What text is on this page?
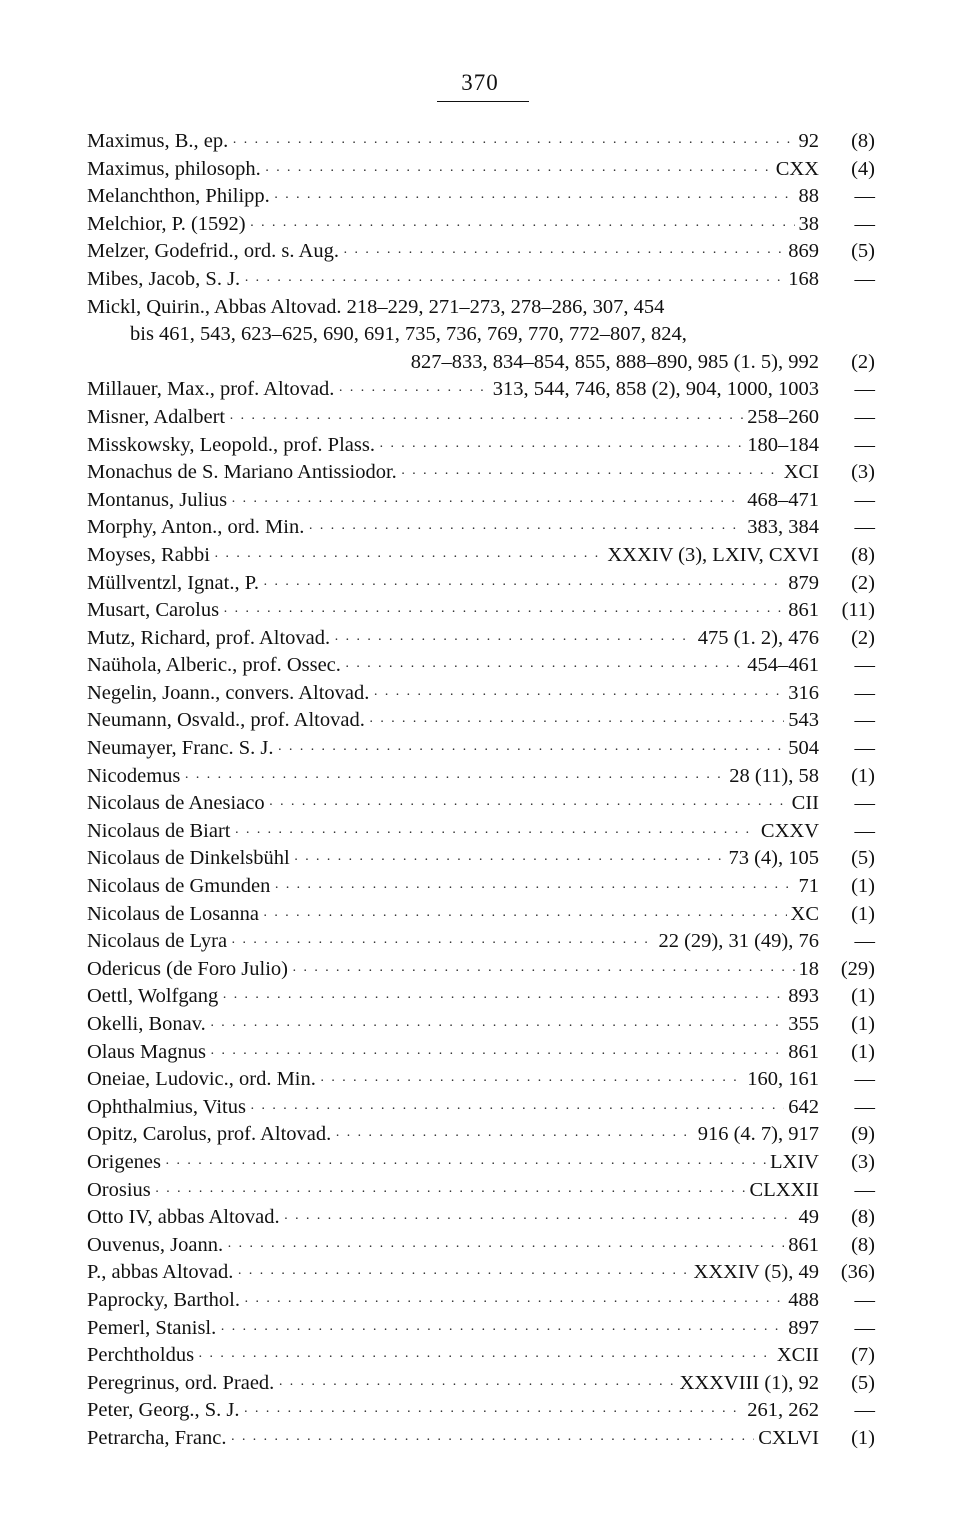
370
Maximus, B., ep. ·····	92	(8)
Maximus, philosoph. ·····	CXX	(4)
Melanchthon, Philipp. ·····	88	—
Melchior, P. (1592) ·····	38	—
Melzer, Godefrid., ord. s. Aug. ·····	869	(5)
Mibes, Jacob, S. J. ·····	168	—
Mickl, Quirin., Abbas Altovad. 218–229, 271–273, 278–286, 307, 454
bis 461, 543, 623–625, 690, 691, 735, 736, 769, 770, 772–807, 824,
827–833, 834–854, 855, 888–890, 985 (1. 5), 992	(2)
Millauer, Max., prof. Altovad. ·····	313, 544, 746, 858 (2), 904, 1000, 1003	—
Misner, Adalbert ·····	258–260	—
Misskowsky, Leopold., prof. Plass. ·····	180–184	—
Monachus de S. Mariano Antissiodor. ·····	XCI	(3)
Montanus, Julius ·····	468–471	—
Morphy, Anton., ord. Min. ·····	383, 384	—
Moyses, Rabbi ·····	XXXIV (3), LXIV, CXVI	(8)
Müllventzl, Ignat., P. ·····	879	(2)
Musart, Carolus ·····	861	(11)
Mutz, Richard, prof. Altovad. ·····	475 (1. 2), 476	(2)
Naühola, Alberic., prof. Ossec. ·····	454–461	—
Negelin, Joann., convers. Altovad. ·····	316	—
Neumann, Osvald., prof. Altovad. ·····	543	—
Neumayer, Franc. S. J. ·····	504	—
Nicodemus ·····	28 (11), 58	(1)
Nicolaus de Anesiaco ·····	CII	—
Nicolaus de Biart ·····	CXXV	—
Nicolaus de Dinkelsbühl ·····	73 (4), 105	(5)
Nicolaus de Gmunden ·····	71	(1)
Nicolaus de Losanna ·····	XC	(1)
Nicolaus de Lyra ·····	22 (29), 31 (49), 76	—
Odericus (de Foro Julio) ·····	18	(29)
Oettl, Wolfgang ·····	893	(1)
Okelli, Bonav. ·····	355	(1)
Olaus Magnus ·····	861	(1)
Oneiae, Ludovic., ord. Min. ·····	160, 161	—
Ophthalmius, Vitus ·····	642	—
Opitz, Carolus, prof. Altovad. ·····	916 (4. 7), 917	(9)
Origenes ·····	LXIV	(3)
Orosius ·····	CLXXII	—
Otto IV, abbas Altovad. ·····	49	(8)
Ouvenus, Joann. ·····	861	(8)
P., abbas Altovad. ·····	XXXIV (5), 49	(36)
Paprocky, Barthol. ·····	488	—
Pemerl, Stanisl. ·····	897	—
Perchtholdus ·····	XCII	(7)
Peregrinus, ord. Praed. ·····	XXXVIII (1), 92	(5)
Peter, Georg., S. J. ·····	261, 262	—
Petrarcha, Franc. ·····	CXLVI	(1)
